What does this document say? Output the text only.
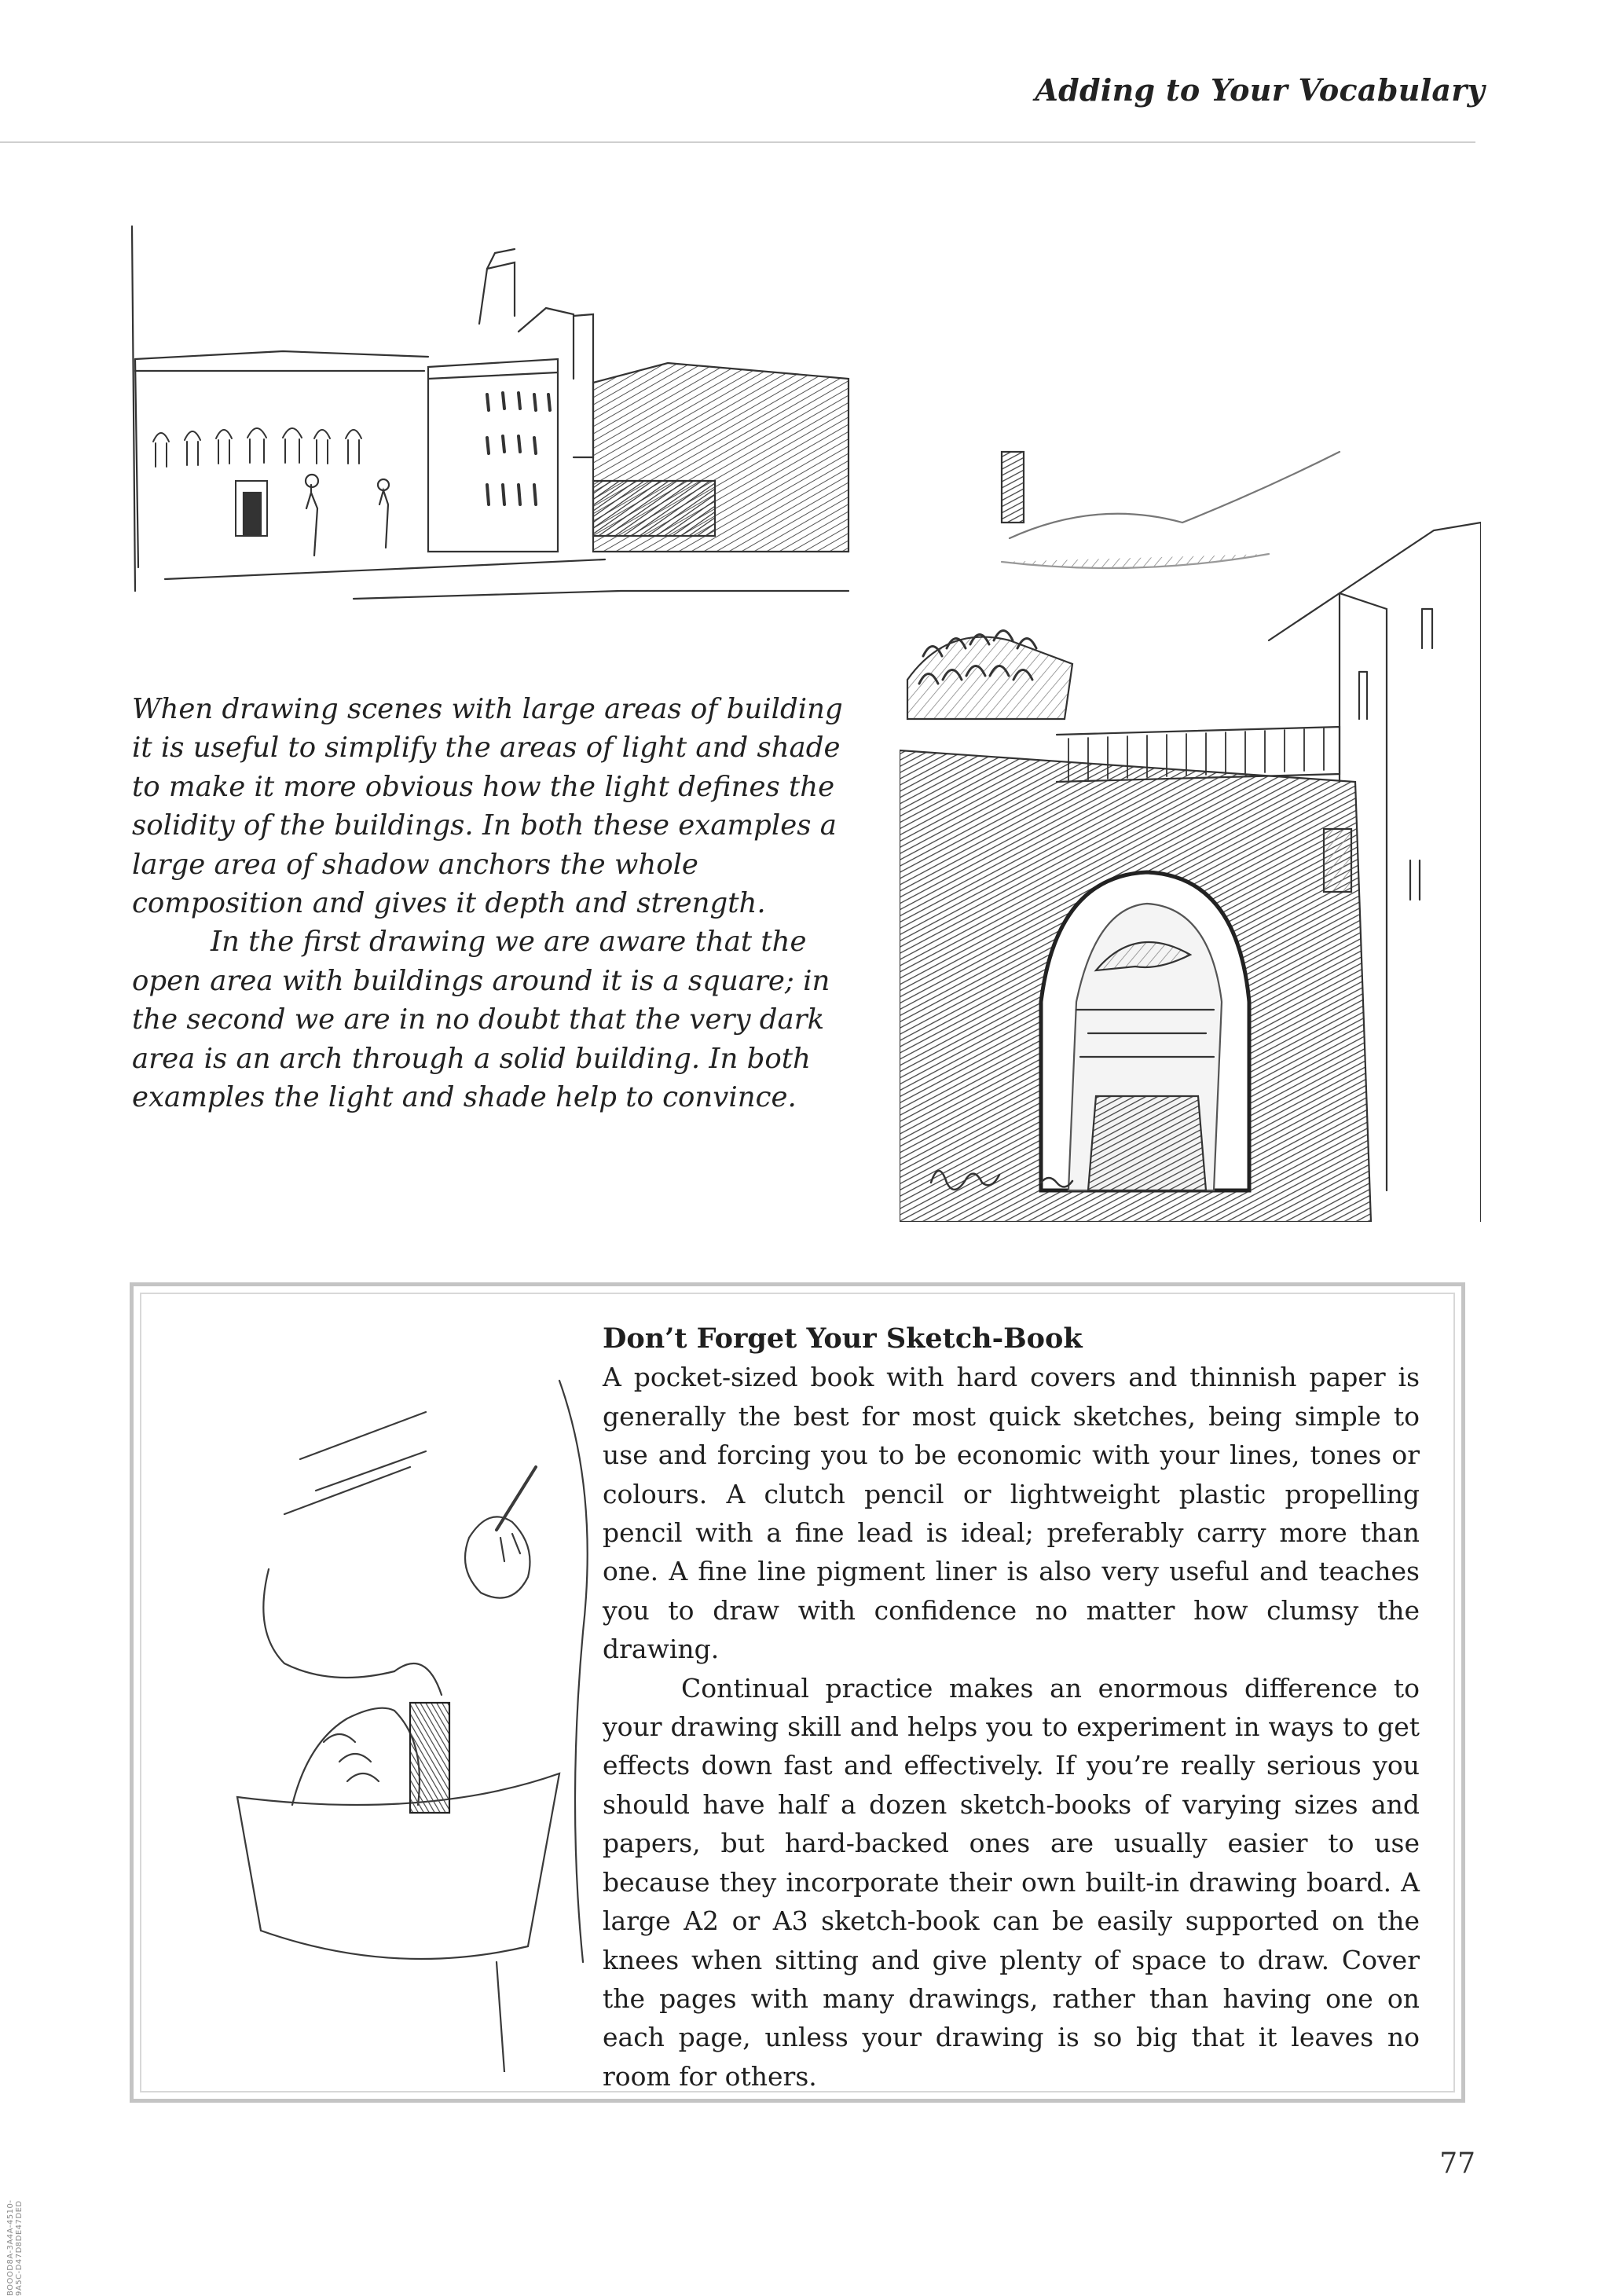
Adding to Your Vocabulary

When drawing scenes with large areas of building it is useful to simplify the areas of light and shade to make it more obvious how the light defines the solidity of the buildings. In both these examples a large area of shadow anchors the whole composition and gives it depth and strength.

In the first drawing we are aware that the open area with buildings around it is a square; in the second we are in no doubt that the very dark area is an arch through a solid building. In both examples the light and shade help to convince.

Don’t Forget Your Sketch-Book

A pocket-sized book with hard covers and thinnish paper is generally the best for most quick sketches, being simple to use and forcing you to be economic with your lines, tones or colours. A clutch pencil or lightweight plastic propelling pencil with a fine lead is ideal; preferably carry more than one. A fine line pigment liner is also very useful and teaches you to draw with confidence no matter how clumsy the drawing.

Continual practice makes an enormous difference to your drawing skill and helps you to experiment in ways to get effects down fast and effectively. If you’re really serious you should have half a dozen sketch-books of varying sizes and papers, but hard-backed ones are usually easier to use because they incorporate their own built-in drawing board. A large A2 or A3 sketch-book can be easily supported on the knees when sitting and give plenty of space to draw. Cover the pages with many drawings, rather than having one on each page, unless your drawing is so big that it leaves no room for others.

77
BOOOD8A-3A4A-4510-9A5C-D47D8DE47DED
